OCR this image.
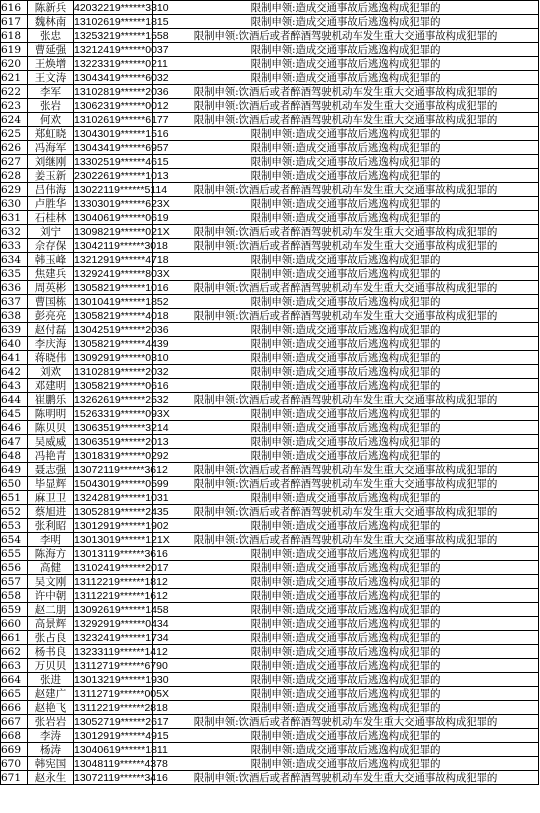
616	陈新兵	42032219******3310	限制申领:造成交通事故后逃逸构成犯罪的
617	魏林南	13102619******1815	限制申领:造成交通事故后逃逸构成犯罪的
618	张忠	13253219******1558	限制申领:饮酒后或者醉酒驾驶机动车发生重大交通事故构成犯罪的
619	曹延强	13212419******0037	限制申领:造成交通事故后逃逸构成犯罪的
620	王焕增	13223319******0211	限制申领:造成交通事故后逃逸构成犯罪的
621	王文涛	13043419******6032	限制申领:造成交通事故后逃逸构成犯罪的
622	李军	13102819******2036	限制申领:饮酒后或者醉酒驾驶机动车发生重大交通事故构成犯罪的
623	张岩	13062319******0012	限制申领:饮酒后或者醉酒驾驶机动车发生重大交通事故构成犯罪的
624	何欢	13102619******6177	限制申领:饮酒后或者醉酒驾驶机动车发生重大交通事故构成犯罪的
625	郑虹晓	13043019******1516	限制申领:造成交通事故后逃逸构成犯罪的
626	冯海军	13043419******6957	限制申领:造成交通事故后逃逸构成犯罪的
627	刘继刚	13302519******4615	限制申领:造成交通事故后逃逸构成犯罪的
628	姜玉新	23022619******1013	限制申领:造成交通事故后逃逸构成犯罪的
629	吕伟海	13022119******5114	限制申领:饮酒后或者醉酒驾驶机动车发生重大交通事故构成犯罪的
630	卢胜华	13303019******623X	限制申领:造成交通事故后逃逸构成犯罪的
631	石桂林	13040619******0619	限制申领:造成交通事故后逃逸构成犯罪的
632	刘宁	13098219******021X	限制申领:饮酒后或者醉酒驾驶机动车发生重大交通事故构成犯罪的
633	佘存保	13042119******3018	限制申领:饮酒后或者醉酒驾驶机动车发生重大交通事故构成犯罪的
634	韩玉峰	13212919******4718	限制申领:造成交通事故后逃逸构成犯罪的
635	焦建兵	13292419******803X	限制申领:造成交通事故后逃逸构成犯罪的
636	周英彬	13058219******1016	限制申领:饮酒后或者醉酒驾驶机动车发生重大交通事故构成犯罪的
637	曹国栋	13010419******1852	限制申领:造成交通事故后逃逸构成犯罪的
638	彭亮亮	13058219******4018	限制申领:饮酒后或者醉酒驾驶机动车发生重大交通事故构成犯罪的
639	赵付磊	13042519******2036	限制申领:造成交通事故后逃逸构成犯罪的
640	李庆海	13058219******4439	限制申领:造成交通事故后逃逸构成犯罪的
641	蒋晓伟	13092919******0310	限制申领:造成交通事故后逃逸构成犯罪的
642	刘欢	13102819******2032	限制申领:造成交通事故后逃逸构成犯罪的
643	邓建明	13058219******0616	限制申领:造成交通事故后逃逸构成犯罪的
644	崔鹏乐	13262619******2532	限制申领:饮酒后或者醉酒驾驶机动车发生重大交通事故构成犯罪的
645	陈明明	15263319******093X	限制申领:造成交通事故后逃逸构成犯罪的
646	陈贝贝	13063519******3214	限制申领:造成交通事故后逃逸构成犯罪的
647	吴威威	13063519******2013	限制申领:造成交通事故后逃逸构成犯罪的
648	冯艳青	13018319******0292	限制申领:造成交通事故后逃逸构成犯罪的
649	聂志强	13072119******3612	限制申领:饮酒后或者醉酒驾驶机动车发生重大交通事故构成犯罪的
650	毕显辉	15043019******0599	限制申领:饮酒后或者醉酒驾驶机动车发生重大交通事故构成犯罪的
651	麻卫卫	13242819******1031	限制申领:造成交通事故后逃逸构成犯罪的
652	蔡旭进	13052819******2435	限制申领:饮酒后或者醉酒驾驶机动车发生重大交通事故构成犯罪的
653	张利昭	13012919******1902	限制申领:造成交通事故后逃逸构成犯罪的
654	李明	13013019******121X	限制申领:饮酒后或者醉酒驾驶机动车发生重大交通事故构成犯罪的
655	陈海方	13013119******3616	限制申领:造成交通事故后逃逸构成犯罪的
656	高健	13102419******2017	限制申领:造成交通事故后逃逸构成犯罪的
657	吴文刚	13112219******1812	限制申领:造成交通事故后逃逸构成犯罪的
658	许中朝	13112219******1612	限制申领:造成交通事故后逃逸构成犯罪的
659	赵二朋	13092619******1458	限制申领:造成交通事故后逃逸构成犯罪的
660	高景辉	13292919******0434	限制申领:造成交通事故后逃逸构成犯罪的
661	张占良	13232419******1734	限制申领:造成交通事故后逃逸构成犯罪的
662	杨书良	13233119******1412	限制申领:造成交通事故后逃逸构成犯罪的
663	万贝贝	13112719******6790	限制申领:造成交通事故后逃逸构成犯罪的
664	张进	13013219******1930	限制申领:造成交通事故后逃逸构成犯罪的
665	赵建广	13112719******005X	限制申领:造成交通事故后逃逸构成犯罪的
666	赵艳飞	13112219******2818	限制申领:造成交通事故后逃逸构成犯罪的
667	张岩岩	13052719******2617	限制申领:饮酒后或者醉酒驾驶机动车发生重大交通事故构成犯罪的
668	李涛	13012919******4915	限制申领:造成交通事故后逃逸构成犯罪的
669	杨涛	13040619******1811	限制申领:造成交通事故后逃逸构成犯罪的
670	韩宪国	13048119******4378	限制申领:造成交通事故后逃逸构成犯罪的
671	赵永生	13072119******3416	限制申领:饮酒后或者醉酒驾驶机动车发生重大交通事故构成犯罪的
